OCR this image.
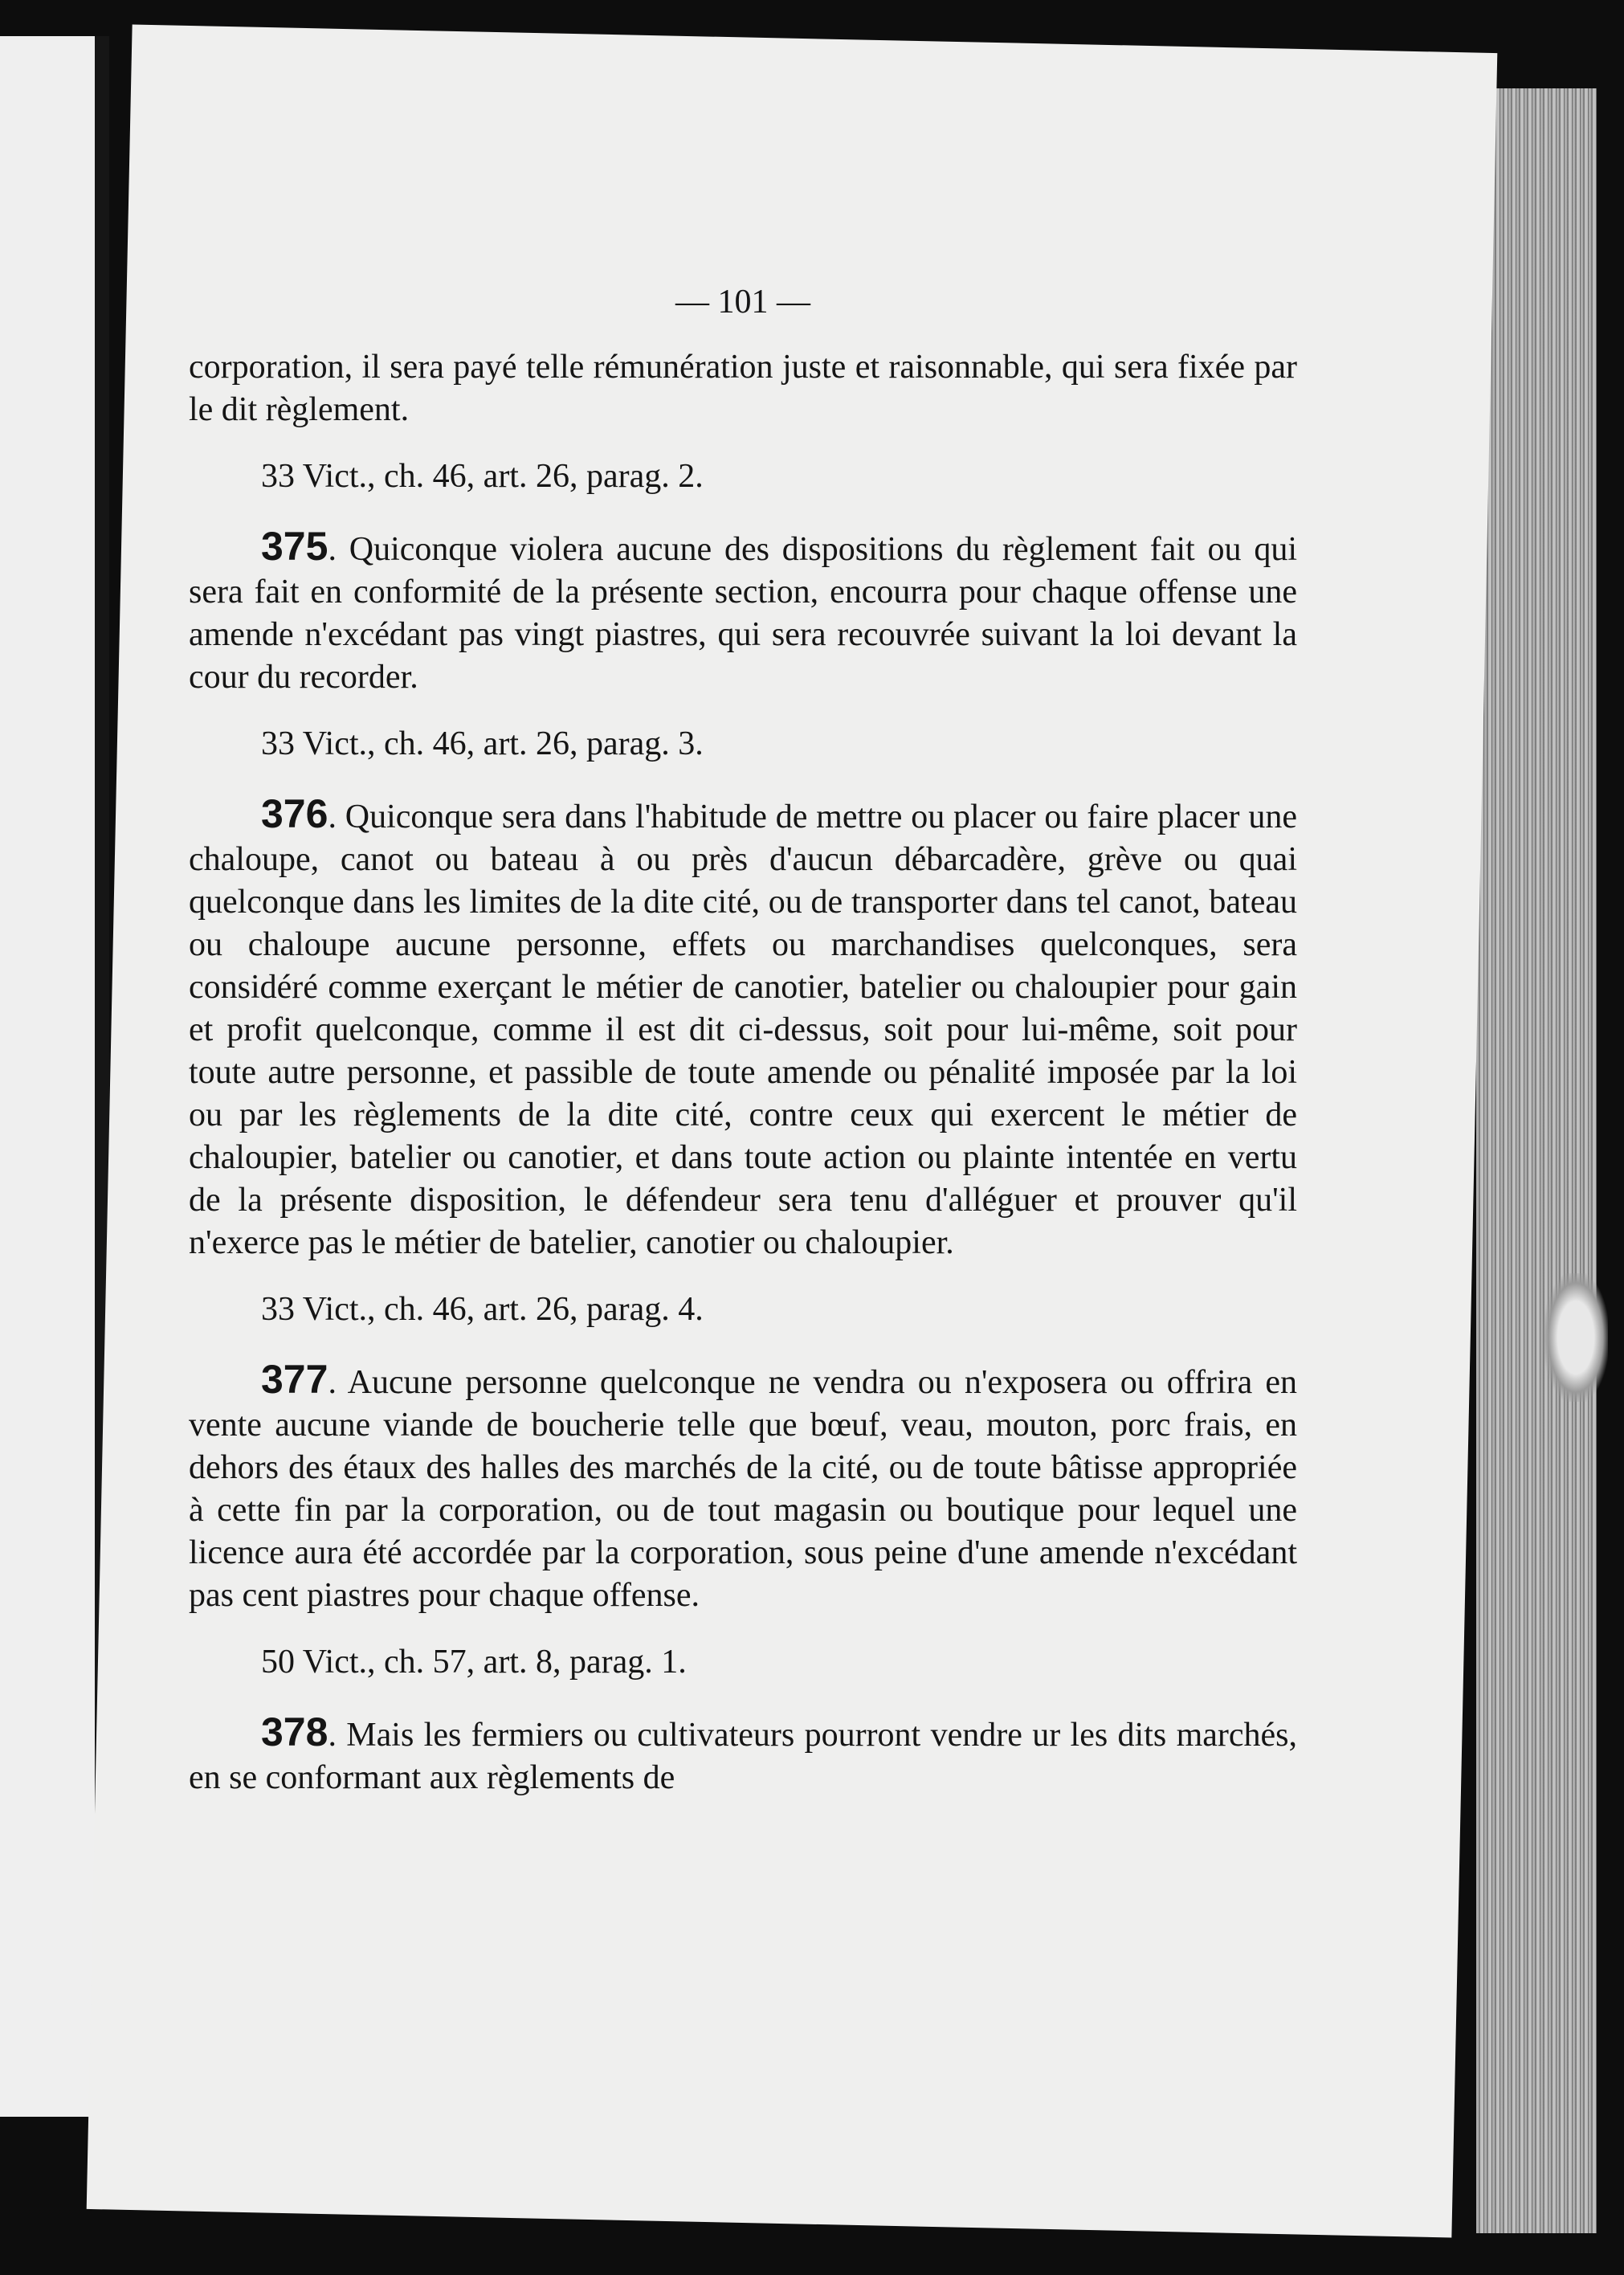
— 101 —

corporation, il sera payé telle rémunération juste et raisonnable, qui sera fixée par le dit règlement.

33 Vict., ch. 46, art. 26, parag. 2.

375. Quiconque violera aucune des dispositions du règlement fait ou qui sera fait en conformité de la présente section, encourra pour chaque offense une amende n'excédant pas vingt piastres, qui sera recouvrée suivant la loi devant la cour du recorder.

33 Vict., ch. 46, art. 26, parag. 3.

376. Quiconque sera dans l'habitude de mettre ou placer ou faire placer une chaloupe, canot ou bateau à ou près d'aucun débarcadère, grève ou quai quelconque dans les limites de la dite cité, ou de transporter dans tel canot, bateau ou chaloupe aucune personne, effets ou marchandises quelconques, sera considéré comme exerçant le métier de canotier, batelier ou chaloupier pour gain et profit quelconque, comme il est dit ci-dessus, soit pour lui-même, soit pour toute autre personne, et passible de toute amende ou pénalité imposée par la loi ou par les règlements de la dite cité, contre ceux qui exercent le métier de chaloupier, batelier ou canotier, et dans toute action ou plainte intentée en vertu de la présente disposition, le défendeur sera tenu d'alléguer et prouver qu'il n'exerce pas le métier de batelier, canotier ou chaloupier.

33 Vict., ch. 46, art. 26, parag. 4.

377. Aucune personne quelconque ne vendra ou n'exposera ou offrira en vente aucune viande de boucherie telle que bœuf, veau, mouton, porc frais, en dehors des étaux des halles des marchés de la cité, ou de toute bâtisse appropriée à cette fin par la corporation, ou de tout magasin ou boutique pour lequel une licence aura été accordée par la corporation, sous peine d'une amende n'excédant pas cent piastres pour chaque offense.

50 Vict., ch. 57, art. 8, parag. 1.

378. Mais les fermiers ou cultivateurs pourront vendre ur les dits marchés, en se conformant aux règlements de
